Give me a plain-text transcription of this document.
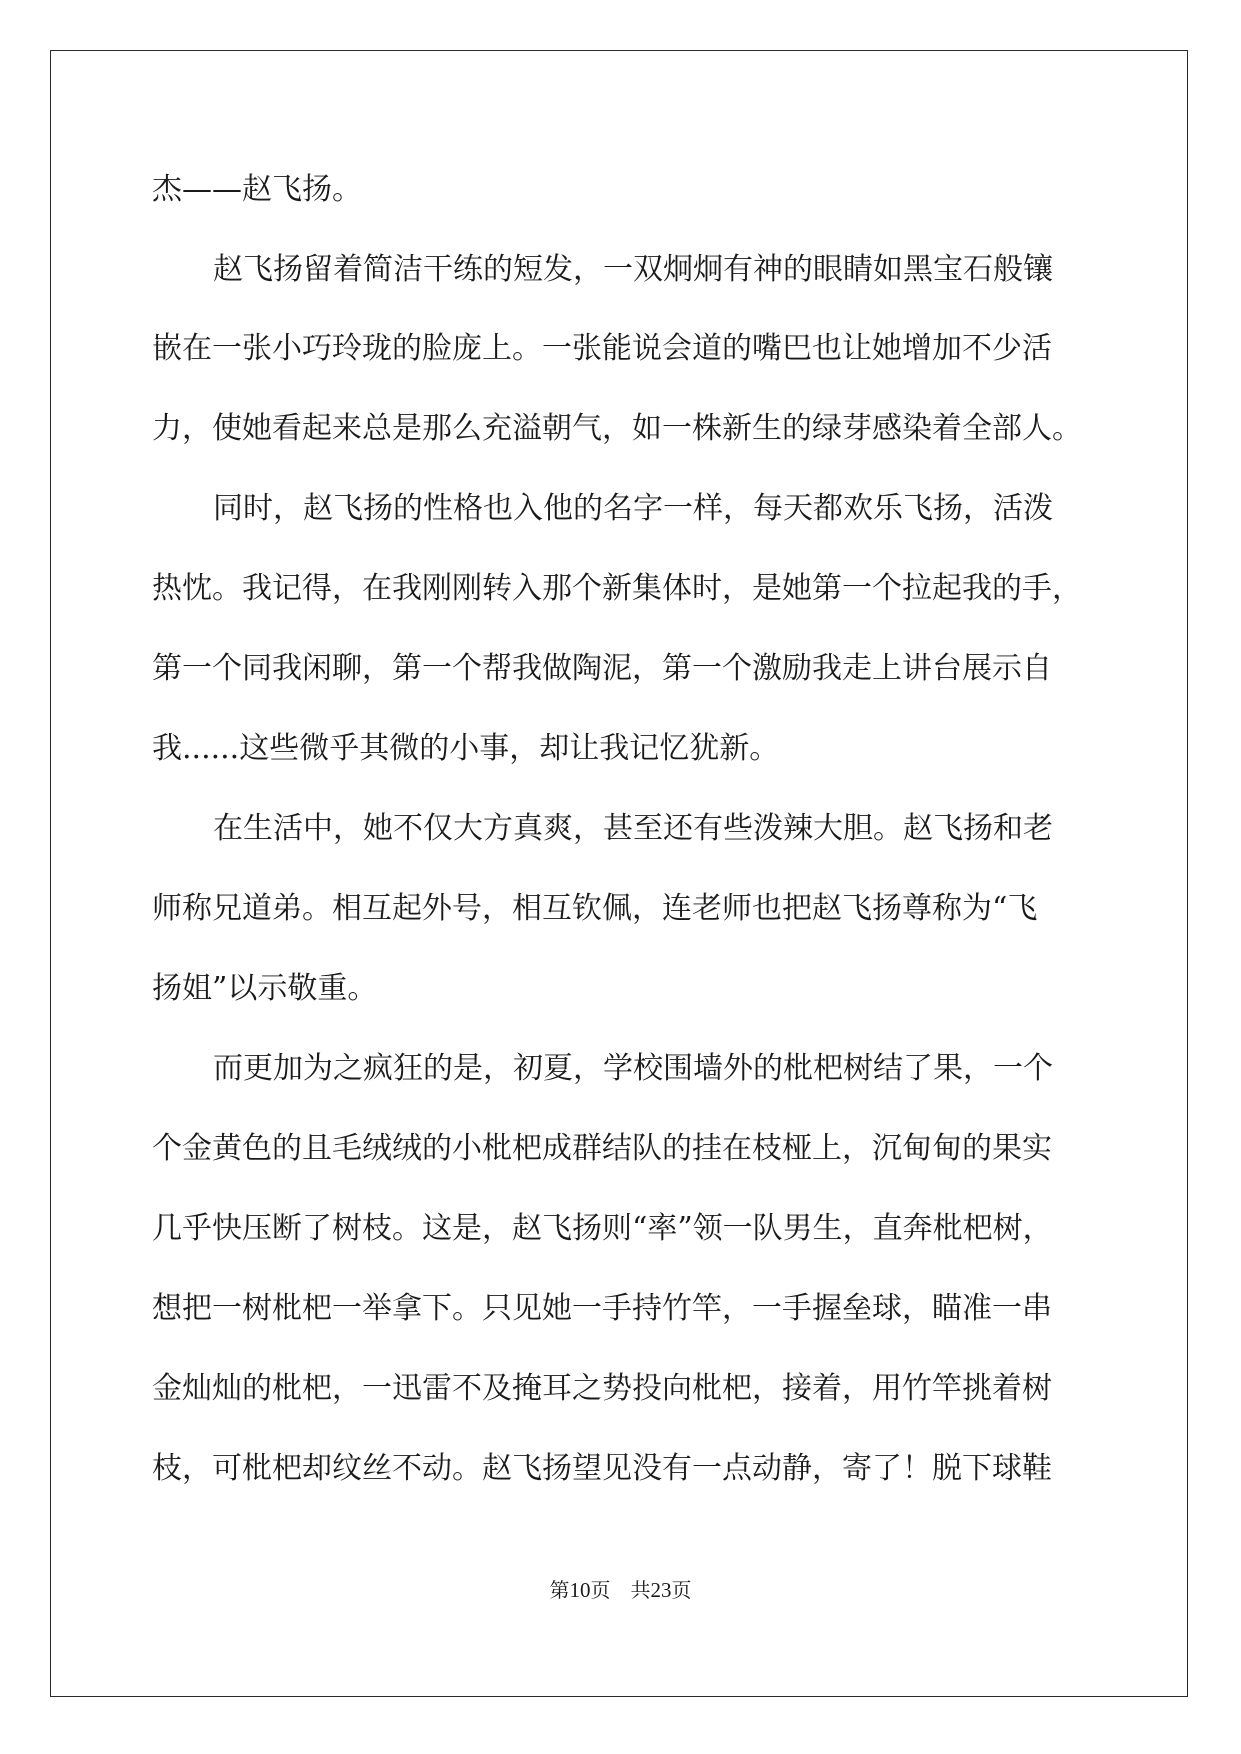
杰——赵飞扬。

赵飞扬留着简洁干练的短发，一双炯炯有神的眼睛如黑宝石般镶

嵌在一张小巧玲珑的脸庞上。一张能说会道的嘴巴也让她增加不少活

力，使她看起来总是那么充溢朝气，如一株新生的绿芽感染着全部人。

同时，赵飞扬的性格也入他的名字一样，每天都欢乐飞扬，活泼

热忱。我记得，在我刚刚转入那个新集体时，是她第一个拉起我的手，

第一个同我闲聊，第一个帮我做陶泥，第一个激励我走上讲台展示自

我......这些微乎其微的小事，却让我记忆犹新。

在生活中，她不仅大方真爽，甚至还有些泼辣大胆。赵飞扬和老

师称兄道弟。相互起外号，相互钦佩，连老师也把赵飞扬尊称为“飞

扬姐”以示敬重。

而更加为之疯狂的是，初夏，学校围墙外的枇杷树结了果，一个

个金黄色的且毛绒绒的小枇杷成群结队的挂在枝桠上，沉甸甸的果实

几乎快压断了树枝。这是，赵飞扬则“率”领一队男生，直奔枇杷树，

想把一树枇杷一举拿下。只见她一手持竹竿，一手握垒球，瞄准一串

金灿灿的枇杷，一迅雷不及掩耳之势投向枇杷，接着，用竹竿挑着树

枝，可枇杷却纹丝不动。赵飞扬望见没有一点动静，寄了！脱下球鞋

第10页　共23页
